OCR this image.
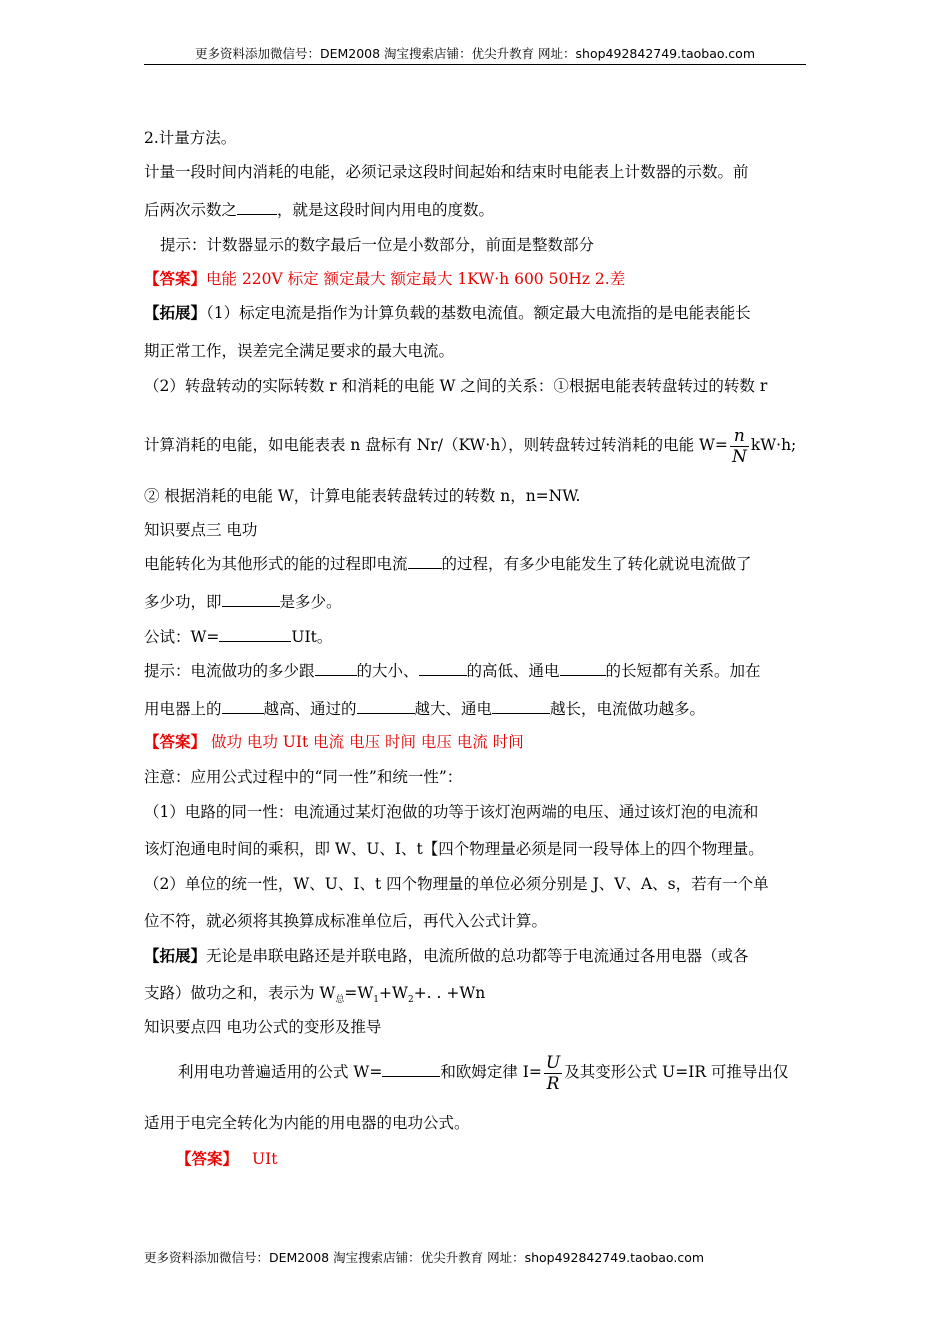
更多资料添加微信号：DEM2008 淘宝搜索店铺：优尖升教育 网址：shop492842749.taobao.com
2.计量方法。
计量一段时间内消耗的电能，必须记录这段时间起始和结束时电能表上计数器的示数。前
后两次示数之	，就是这段时间内用电的度数。
提示：计数器显示的数字最后一位是小数部分，前面是整数部分
【答案】电能 220V 标定 额定最大 额定最大 1KW·h 600 50Hz 2.差
【拓展】（1）标定电流是指作为计算负载的基数电流值。额定最大电流指的是电能表能长
期正常工作，误差完全满足要求的最大电流。
（2）转盘转动的实际转数 r 和消耗的电能 W 之间的关系：①根据电能表转盘转过的转数 r
计算消耗的电能，如电能表表 n 盘标有 Nr/（KW·h），则转盘转过转消耗的电能 $W= \frac{n}{N} kW\cdot h$;
② 根据消耗的电能 W，计算电能表转盘转过的转数 n，n=NW.
知识要点三 电功
电能转化为其他形式的能的过程即电流 的过程，有多少电能发生了转化就说电流做了
多少功，即	是多少。
公试：W=	UIt。
提示：电流做功的多少跟	的大小、	的高低、通电	的长短都有关系。加在
用电器上的	越高、通过的	越大、通电	越长，电流做功越多。
【答案】 做功 电功 UIt 电流 电压 时间 电压 电流 时间
注意：应用公式过程中的“同一性”和统一性”：
（1）电路的同一性：电流通过某灯泡做的功等于该灯泡两端的电压、通过该灯泡的电流和
该灯泡通电时间的乘积，即 W、U、I、t【四个物理量必须是同一段导体上的四个物理量。
（2）单位的统一性，W、U、I、t 四个物理量的单位必须分别是 J、V、A、s，若有一个单
位不符，就必须将其换算成标准单位后，再代入公式计算。
【拓展】无论是串联电路还是并联电路，电流所做的总功都等于电流通过各用电器（或各
支路）做功之和，表示为 $W_总=W_1+W_2+$. . +Wn
知识要点四 电功公式的变形及推导
利用电功普遍适用的公式 W=	和欧姆定律 $I= \frac{U}{R}$ 及其变形公式 U=IR 可推导出仅
适用于电完全转化为内能的用电器的电功公式。
【答案】 UIt
更多资料添加微信号：DEM2008 淘宝搜索店铺：优尖升教育 网址：shop492842749.taobao.com
